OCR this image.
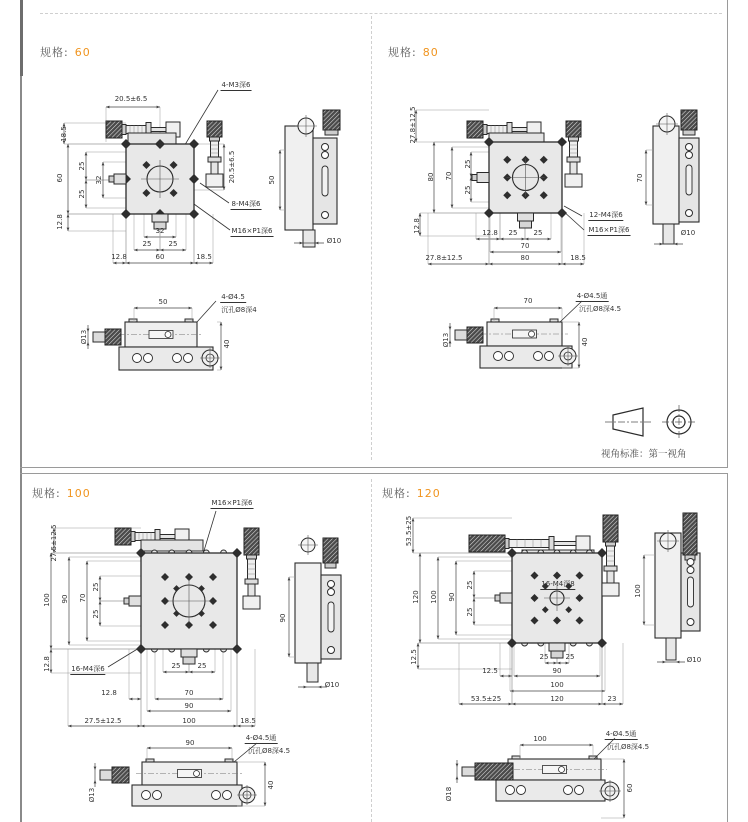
规格: 60
4-M3深6
20.5±6.5
18.5
25
60	32
25
12.8
20.5±6.5
8-M4深6
M16×P1深6
50
Ø10
32
25 25
12.8	60	18.5
50
4-Ø4.5
沉孔Ø8深4
Ø13	40
规格: 80
27.8±12.5
25
80 70
25
12.8
12-M4深6
M16×P1深6
12.8 25 25
70
27.8±12.5	80	18.5
70
Ø10
70
4-Ø4.5通
沉孔Ø8深4.5
Ø13	40
规格: 100
M16×P1深6
27.5±12.5
100 90 70
25
25
12.8	16-M4深6	25 25
12.8	70
90
27.5±12.5	100	18.5
90
Ø10
90
4-Ø4.5通
沉孔Ø8深4.5
Ø13
40
规格: 120
53.5±25
120 100 90
25
25
12.5
16-M4深8
25 25
12.5	90
100
53.5±25	120	23
100
Ø10
100
4-Ø4.5通
沉孔Ø8深4.5
Ø18	60
视角标准：第一视角
